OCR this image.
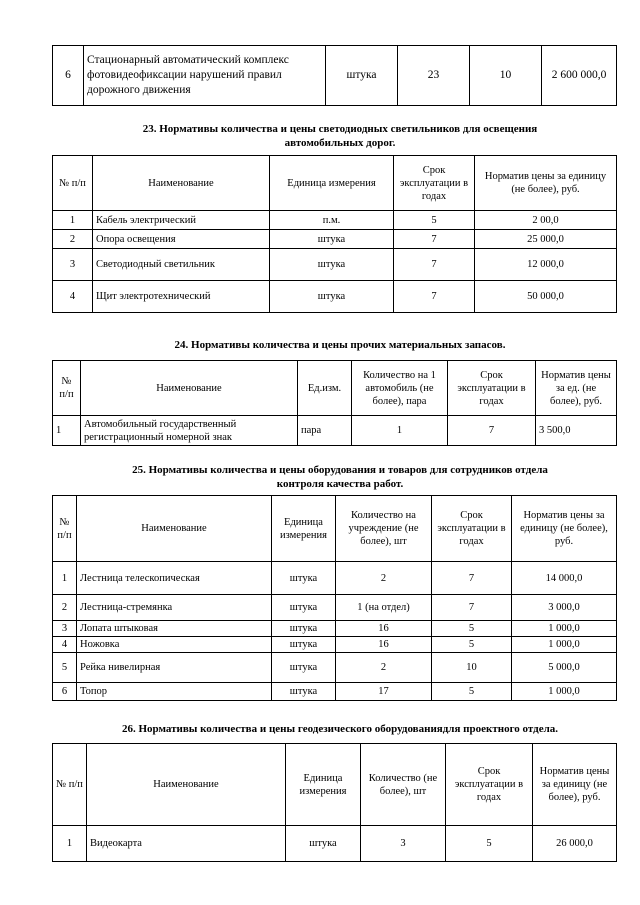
6	Стационарный автоматический комплекс фотовидеофиксации нарушений правил дорожного движения	штука	23	10	2 600 000,0
23. Нормативы количества и цены светодиодных светильников для освещения
автомобильных дорог.
№ п/п	Наименование	Единица измерения	Срок эксплуатации в годах	Норматив цены за единицу (не более), руб.
1	Кабель электрический	п.м.	5	2 00,0
2	Опора освещения	штука	7	25 000,0
3	Светодиодный светильник	штука	7	12 000,0
4	Щит электротехнический	штука	7	50 000,0
24. Нормативы количества и цены прочих материальных запасов.
№ п/п	Наименование	Ед.изм.	Количество на 1 автомобиль (не более), пара	Срок эксплуатации в годах	Норматив цены за ед. (не более), руб.
1	Автомобильный государственный регистрационный номерной знак	пара	1	7	3 500,0
25. Нормативы количества и цены оборудования и товаров для сотрудников отдела
контроля качества работ.
№ п/п	Наименование	Единица измерения	Количество на учреждение (не более), шт	Срок эксплуатации в годах	Норматив цены за единицу (не более), руб.
1	Лестница телескопическая	штука	2	7	14 000,0
2	Лестница-стремянка	штука	1 (на отдел)	7	3 000,0
3	Лопата штыковая	штука	16	5	1 000,0
4	Ножовка	штука	16	5	1 000,0
5	Рейка нивелирная	штука	2	10	5 000,0
6	Топор	штука	17	5	1 000,0
26. Нормативы количества и цены геодезического оборудованиядля проектного отдела.
№ п/п	Наименование	Единица измерения	Количество (не более), шт	Срок эксплуатации в годах	Норматив цены за единицу (не более), руб.
1	Видеокарта	штука	3	5	26 000,0
